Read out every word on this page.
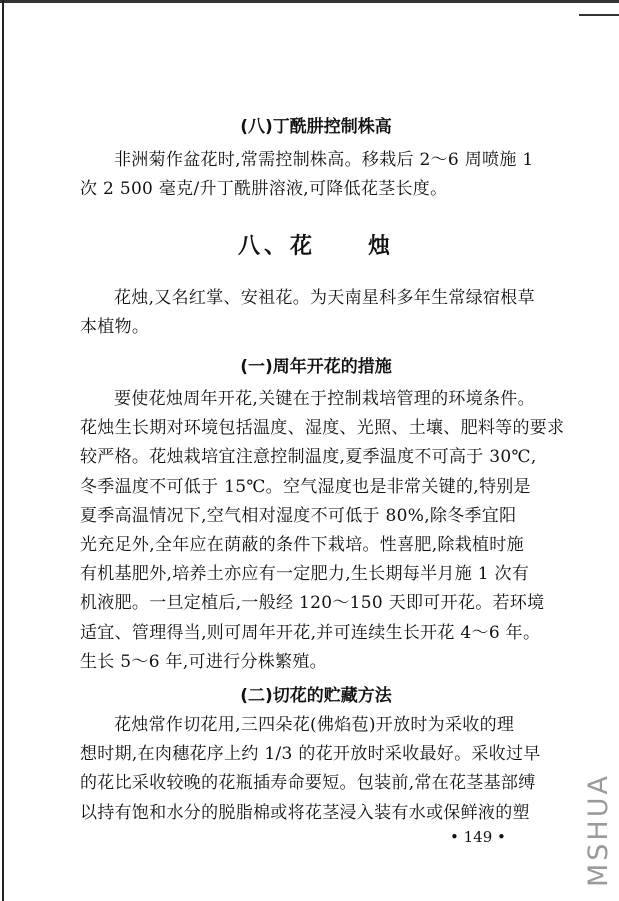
(八)丁酰肼控制株高
非洲菊作盆花时,常需控制株高。移栽后 2～6 周喷施 1
次 2 500 毫克/升丁酰肼溶液,可降低花茎长度。
八、花　　烛
花烛,又名红掌、安祖花。为天南星科多年生常绿宿根草
本植物。
(一)周年开花的措施
要使花烛周年开花,关键在于控制栽培管理的环境条件。
花烛生长期对环境包括温度、湿度、光照、土壤、肥料等的要求
较严格。花烛栽培宜注意控制温度,夏季温度不可高于 30℃,
冬季温度不可低于 15℃。空气湿度也是非常关键的,特别是
夏季高温情况下,空气相对湿度不可低于 80%,除冬季宜阳
光充足外,全年应在荫蔽的条件下栽培。性喜肥,除栽植时施
有机基肥外,培养土亦应有一定肥力,生长期每半月施 1 次有
机液肥。一旦定植后,一般经 120～150 天即可开花。若环境
适宜、管理得当,则可周年开花,并可连续生长开花 4～6 年。
生长 5～6 年,可进行分株繁殖。
(二)切花的贮藏方法
花烛常作切花用,三四朵花(佛焰苞)开放时为采收的理
想时期,在肉穗花序上约 1/3 的花开放时采收最好。采收过早
的花比采收较晚的花瓶插寿命要短。包装前,常在花茎基部缚
以持有饱和水分的脱脂棉或将花茎浸入装有水或保鲜液的塑
• 149 •	MSHUA
